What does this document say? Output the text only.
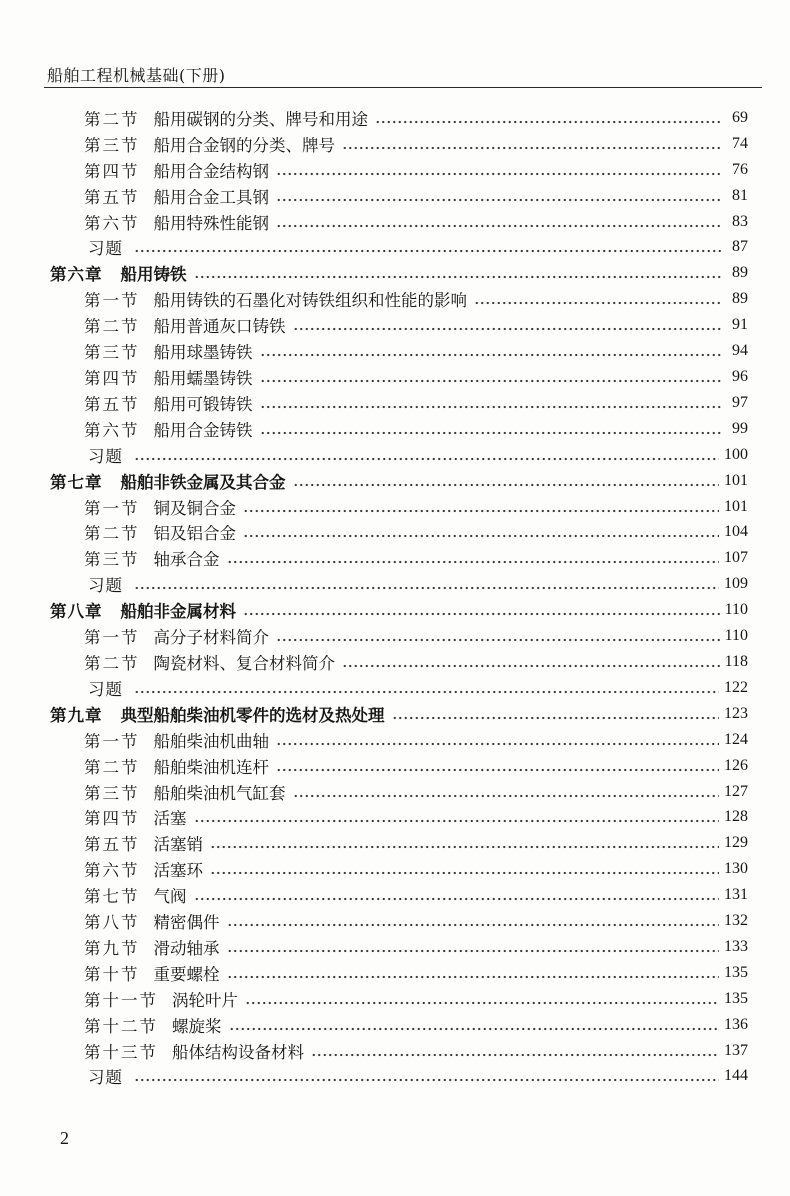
船舶工程机械基础(下册)
第二节 船用碳钢的分类、牌号和用途	69
第三节 船用合金钢的分类、牌号	74
第四节 船用合金结构钢	76
第五节 船用合金工具钢	81
第六节 船用特殊性能钢	83
习题	87
第六章 船用铸铁	89
第一节 船用铸铁的石墨化对铸铁组织和性能的影响	89
第二节 船用普通灰口铸铁	91
第三节 船用球墨铸铁	94
第四节 船用蠕墨铸铁	96
第五节 船用可锻铸铁	97
第六节 船用合金铸铁	99
习题	100
第七章 船舶非铁金属及其合金	101
第一节 铜及铜合金	101
第二节 铝及铝合金	104
第三节 轴承合金	107
习题	109
第八章 船舶非金属材料	110
第一节 高分子材料简介	110
第二节 陶瓷材料、复合材料简介	118
习题	122
第九章 典型船舶柴油机零件的选材及热处理	123
第一节 船舶柴油机曲轴	124
第二节 船舶柴油机连杆	126
第三节 船舶柴油机气缸套	127
第四节 活塞	128
第五节 活塞销	129
第六节 活塞环	130
第七节 气阀	131
第八节 精密偶件	132
第九节 滑动轴承	133
第十节 重要螺栓	135
第十一节 涡轮叶片	135
第十二节 螺旋桨	136
第十三节 船体结构设备材料	137
习题	144
2
